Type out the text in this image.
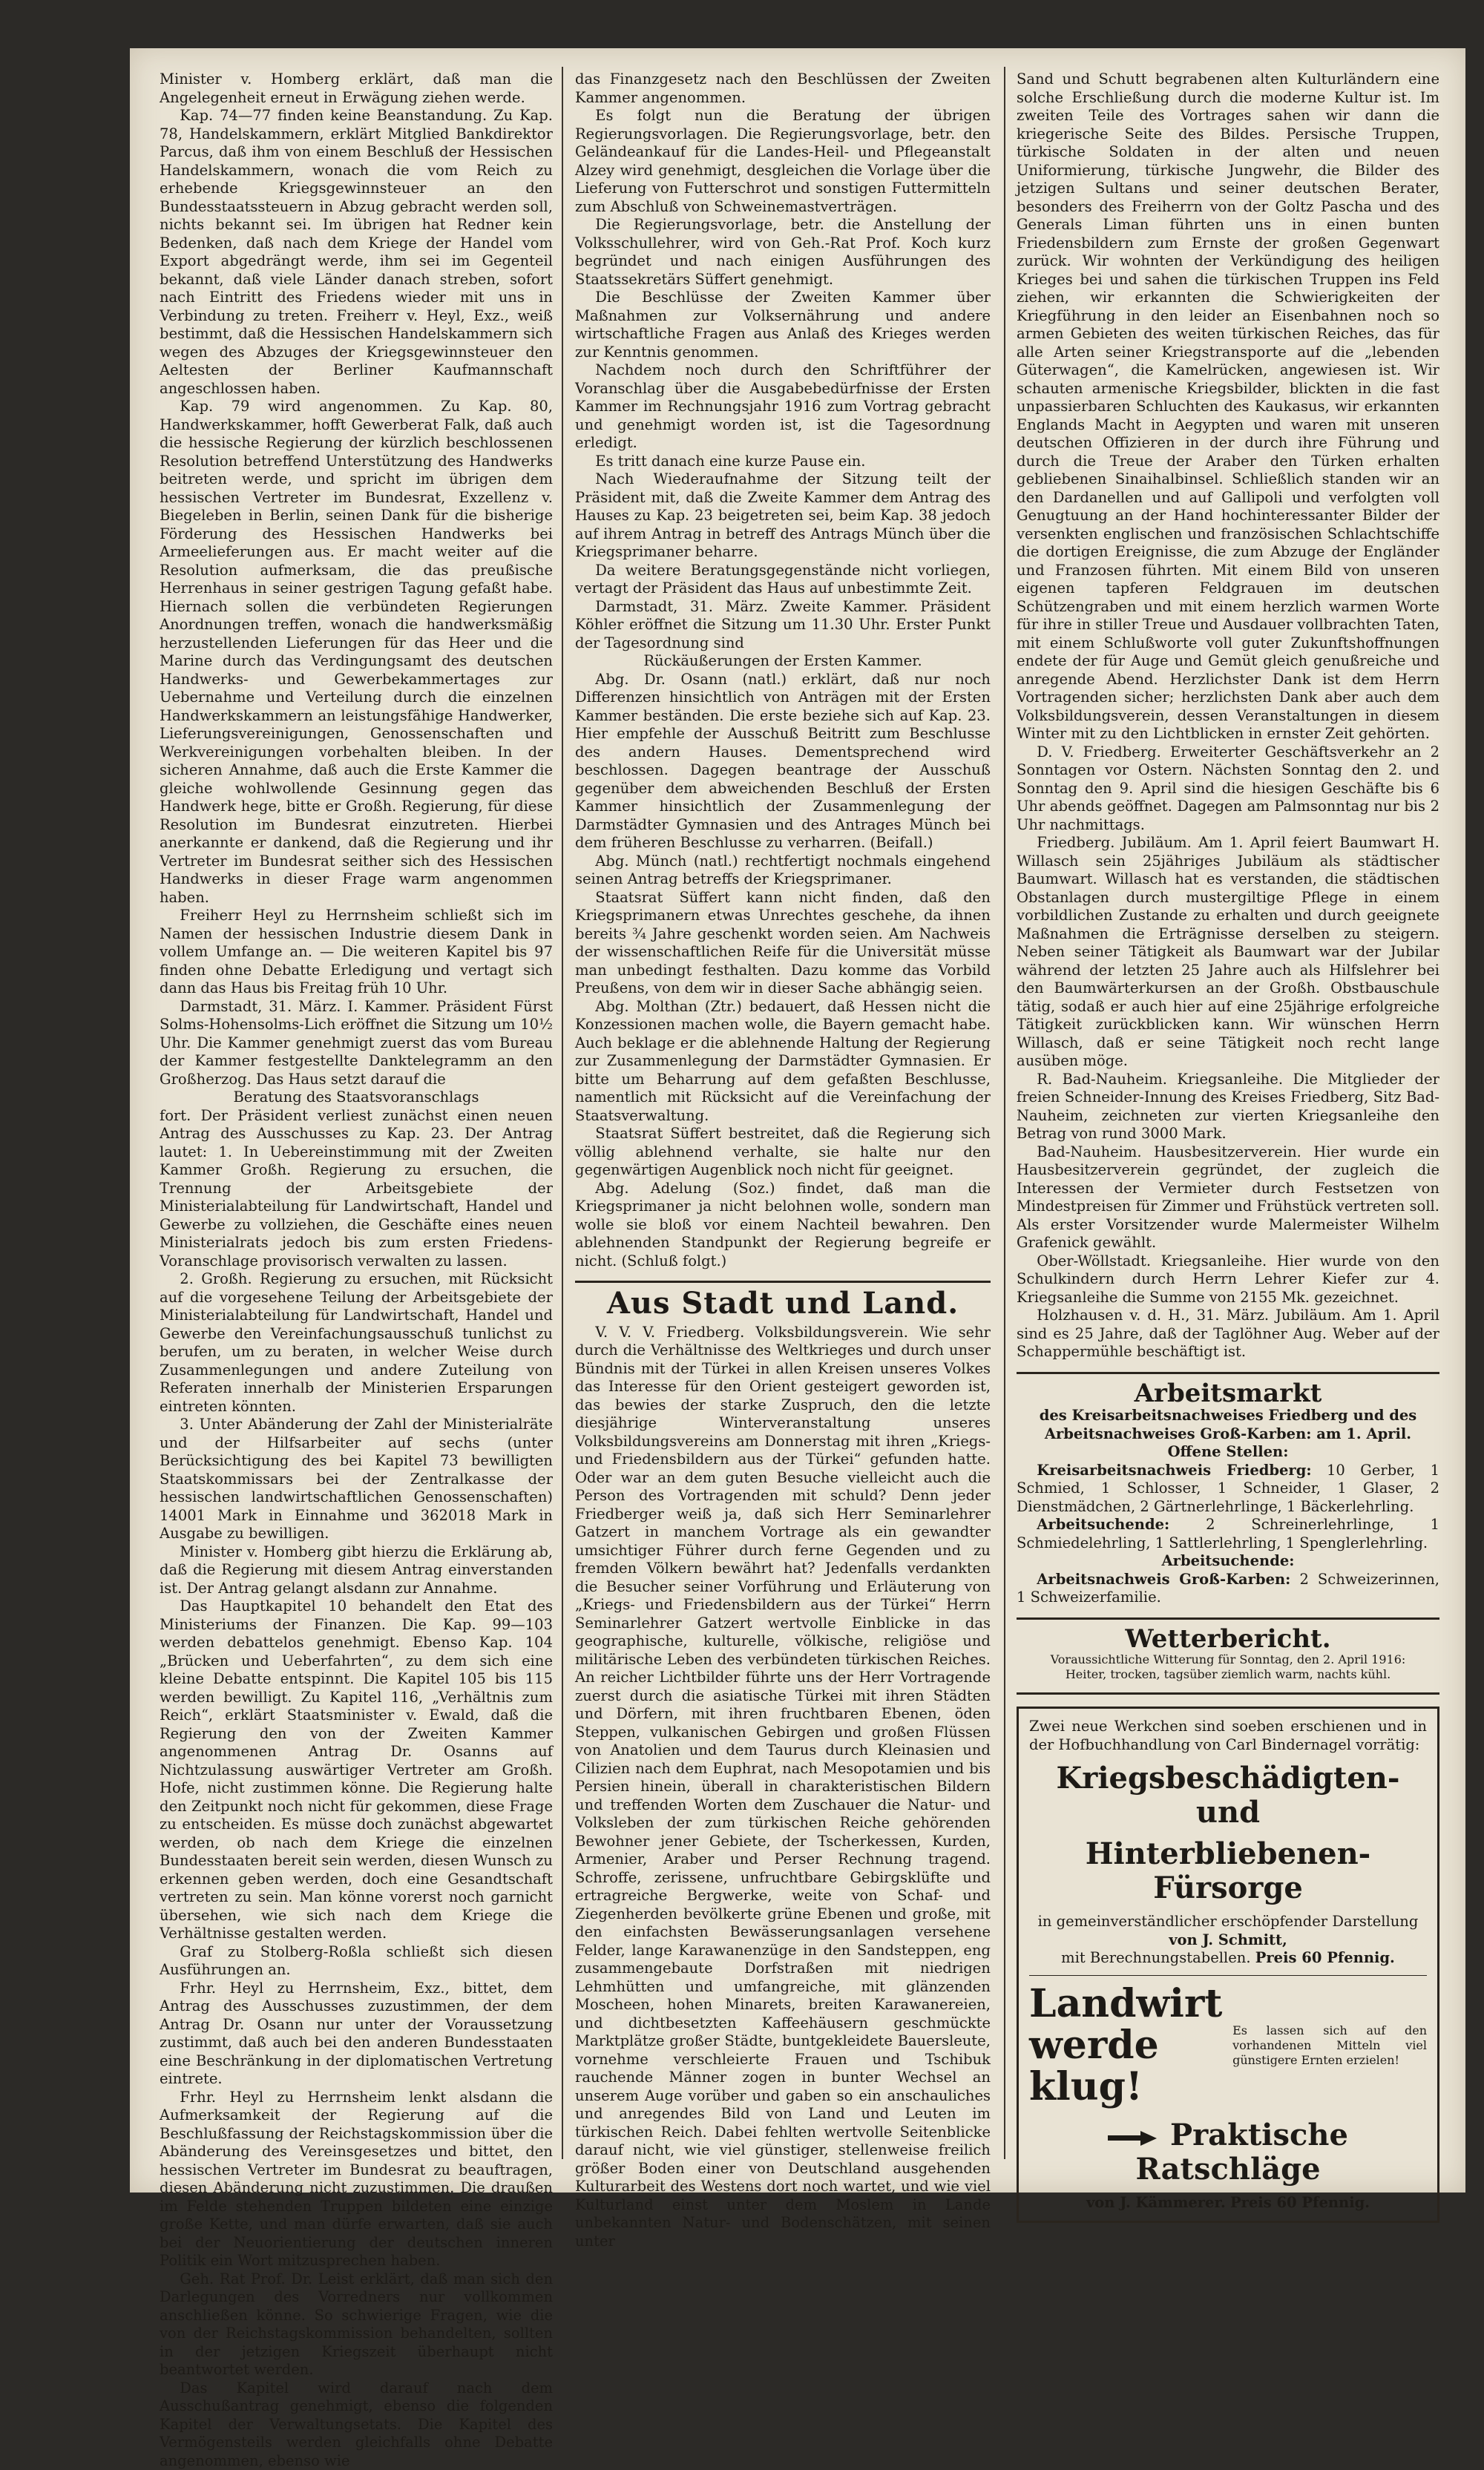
Minister v. Homberg erklärt, daß man die Angelegenheit erneut in Erwägung ziehen werde.

Kap. 74—77 finden keine Beanstandung. Zu Kap. 78, Handelskammern, erklärt Mitglied Bankdirektor Parcus, daß ihm von einem Beschluß der Hessischen Handelskammern, wonach die vom Reich zu erhebende Kriegsgewinnsteuer an den Bundesstaatssteuern in Abzug gebracht werden soll, nichts bekannt sei. Im übrigen hat Redner kein Bedenken, daß nach dem Kriege der Handel vom Export abgedrängt werde, ihm sei im Gegenteil bekannt, daß viele Länder danach streben, sofort nach Eintritt des Friedens wieder mit uns in Verbindung zu treten. Freiherr v. Heyl, Exz., weiß bestimmt, daß die Hessischen Handelskammern sich wegen des Abzuges der Kriegsgewinnsteuer den Aeltesten der Berliner Kaufmannschaft angeschlossen haben.

Kap. 79 wird angenommen. Zu Kap. 80, Handwerkskammer, hofft Gewerberat Falk, daß auch die hessische Regierung der kürzlich beschlossenen Resolution betreffend Unterstützung des Handwerks beitreten werde, und spricht im übrigen dem hessischen Vertreter im Bundesrat, Exzellenz v. Biegeleben in Berlin, seinen Dank für die bisherige Förderung des Hessischen Handwerks bei Armeelieferungen aus. Er macht weiter auf die Resolution aufmerksam, die das preußische Herrenhaus in seiner gestrigen Tagung gefaßt habe. Hiernach sollen die verbündeten Regierungen Anordnungen treffen, wonach die handwerksmäßig herzustellenden Lieferungen für das Heer und die Marine durch das Verdingungsamt des deutschen Handwerks- und Gewerbekammertages zur Uebernahme und Verteilung durch die einzelnen Handwerkskammern an leistungsfähige Handwerker, Lieferungsvereinigungen, Genossenschaften und Werkvereinigungen vorbehalten bleiben. In der sicheren Annahme, daß auch die Erste Kammer die gleiche wohlwollende Gesinnung gegen das Handwerk hege, bitte er Großh. Regierung, für diese Resolution im Bundesrat einzutreten. Hierbei anerkannte er dankend, daß die Regierung und ihr Vertreter im Bundesrat seither sich des Hessischen Handwerks in dieser Frage warm angenommen haben.

Freiherr Heyl zu Herrnsheim schließt sich im Namen der hessischen Industrie diesem Dank in vollem Umfange an. — Die weiteren Kapitel bis 97 finden ohne Debatte Erledigung und vertagt sich dann das Haus bis Freitag früh 10 Uhr.

Darmstadt, 31. März. I. Kammer. Präsident Fürst Solms-Hohensolms-Lich eröffnet die Sitzung um 10½ Uhr. Die Kammer genehmigt zuerst das vom Bureau der Kammer festgestellte Danktelegramm an den Großherzog. Das Haus setzt darauf die

Beratung des Staatsvoranschlags

fort. Der Präsident verliest zunächst einen neuen Antrag des Ausschusses zu Kap. 23. Der Antrag lautet: 1. In Uebereinstimmung mit der Zweiten Kammer Großh. Regierung zu ersuchen, die Trennung der Arbeitsgebiete der Ministerialabteilung für Landwirtschaft, Handel und Gewerbe zu vollziehen, die Geschäfte eines neuen Ministerialrats jedoch bis zum ersten Friedens-Voranschlage provisorisch verwalten zu lassen.

2. Großh. Regierung zu ersuchen, mit Rücksicht auf die vorgesehene Teilung der Arbeitsgebiete der Ministerialabteilung für Landwirtschaft, Handel und Gewerbe den Vereinfachungsausschuß tunlichst zu berufen, um zu beraten, in welcher Weise durch Zusammenlegungen und andere Zuteilung von Referaten innerhalb der Ministerien Ersparungen eintreten könnten.

3. Unter Abänderung der Zahl der Ministerialräte und der Hilfsarbeiter auf sechs (unter Berücksichtigung des bei Kapitel 73 bewilligten Staatskommissars bei der Zentralkasse der hessischen landwirtschaftlichen Genossenschaften) 14001 Mark in Einnahme und 362018 Mark in Ausgabe zu bewilligen.

Minister v. Homberg gibt hierzu die Erklärung ab, daß die Regierung mit diesem Antrag einverstanden ist. Der Antrag gelangt alsdann zur Annahme.

Das Hauptkapitel 10 behandelt den Etat des Ministeriums der Finanzen. Die Kap. 99—103 werden debattelos genehmigt. Ebenso Kap. 104 „Brücken und Ueberfahrten“, zu dem sich eine kleine Debatte entspinnt. Die Kapitel 105 bis 115 werden bewilligt. Zu Kapitel 116, „Verhältnis zum Reich“, erklärt Staatsminister v. Ewald, daß die Regierung den von der Zweiten Kammer angenommenen Antrag Dr. Osanns auf Nichtzulassung auswärtiger Vertreter am Großh. Hofe, nicht zustimmen könne. Die Regierung halte den Zeitpunkt noch nicht für gekommen, diese Frage zu entscheiden. Es müsse doch zunächst abgewartet werden, ob nach dem Kriege die einzelnen Bundesstaaten bereit sein werden, diesen Wunsch zu erkennen geben werden, doch eine Gesandtschaft vertreten zu sein. Man könne vorerst noch garnicht übersehen, wie sich nach dem Kriege die Verhältnisse gestalten werden.

Graf zu Stolberg-Roßla schließt sich diesen Ausführungen an.

Frhr. Heyl zu Herrnsheim, Exz., bittet, dem Antrag des Ausschusses zuzustimmen, der dem Antrag Dr. Osann nur unter der Voraussetzung zustimmt, daß auch bei den anderen Bundesstaaten eine Beschränkung in der diplomatischen Vertretung eintrete.

Frhr. Heyl zu Herrnsheim lenkt alsdann die Aufmerksamkeit der Regierung auf die Beschlußfassung der Reichstagskommission über die Abänderung des Vereinsgesetzes und bittet, den hessischen Vertreter im Bundesrat zu beauftragen, diesen Abänderung nicht zuzustimmen. Die draußen im Felde stehenden Truppen bildeten eine einzige große Kette, und man dürfe erwarten, daß sie auch bei der Neuorientierung der deutschen inneren Politik ein Wort mitzusprechen haben.

Geh. Rat Prof. Dr. Leist erklärt, daß man sich den Darlegungen des Vorredners nur vollkommen anschließen könne. So schwierige Fragen, wie die von der Reichstagskommission behandelten, sollten in der jetzigen Kriegszeit überhaupt nicht beantwortet werden.

Das Kapitel wird darauf nach dem Ausschußantrag genehmigt, ebenso die folgenden Kapitel der Verwaltungsetats. Die Kapitel des Vermögensteils werden gleichfalls ohne Debatte angenommen, ebenso wie

das Finanzgesetz nach den Beschlüssen der Zweiten Kammer angenommen.

Es folgt nun die Beratung der übrigen Regierungsvorlagen. Die Regierungsvorlage, betr. den Geländeankauf für die Landes-Heil- und Pflegeanstalt Alzey wird genehmigt, desgleichen die Vorlage über die Lieferung von Futterschrot und sonstigen Futtermitteln zum Abschluß von Schweinemastverträgen.

Die Regierungsvorlage, betr. die Anstellung der Volksschullehrer, wird von Geh.-Rat Prof. Koch kurz begründet und nach einigen Ausführungen des Staatssekretärs Süffert genehmigt.

Die Beschlüsse der Zweiten Kammer über Maßnahmen zur Volksernährung und andere wirtschaftliche Fragen aus Anlaß des Krieges werden zur Kenntnis genommen.

Nachdem noch durch den Schriftführer der Voranschlag über die Ausgabebedürfnisse der Ersten Kammer im Rechnungsjahr 1916 zum Vortrag gebracht und genehmigt worden ist, ist die Tagesordnung erledigt.

Es tritt danach eine kurze Pause ein.

Nach Wiederaufnahme der Sitzung teilt der Präsident mit, daß die Zweite Kammer dem Antrag des Hauses zu Kap. 23 beigetreten sei, beim Kap. 38 jedoch auf ihrem Antrag in betreff des Antrags Münch über die Kriegsprimaner beharre.

Da weitere Beratungsgegenstände nicht vorliegen, vertagt der Präsident das Haus auf unbestimmte Zeit.

Darmstadt, 31. März. Zweite Kammer. Präsident Köhler eröffnet die Sitzung um 11.30 Uhr. Erster Punkt der Tagesordnung sind

Rückäußerungen der Ersten Kammer.

Abg. Dr. Osann (natl.) erklärt, daß nur noch Differenzen hinsichtlich von Anträgen mit der Ersten Kammer beständen. Die erste beziehe sich auf Kap. 23. Hier empfehle der Ausschuß Beitritt zum Beschlusse des andern Hauses. Dementsprechend wird beschlossen. Dagegen beantrage der Ausschuß gegenüber dem abweichenden Beschluß der Ersten Kammer hinsichtlich der Zusammenlegung der Darmstädter Gymnasien und des Antrages Münch bei dem früheren Beschlusse zu verharren. (Beifall.)

Abg. Münch (natl.) rechtfertigt nochmals eingehend seinen Antrag betreffs der Kriegsprimaner.

Staatsrat Süffert kann nicht finden, daß den Kriegsprimanern etwas Unrechtes geschehe, da ihnen bereits ¾ Jahre geschenkt worden seien. Am Nachweis der wissenschaftlichen Reife für die Universität müsse man unbedingt festhalten. Dazu komme das Vorbild Preußens, von dem wir in dieser Sache abhängig seien.

Abg. Molthan (Ztr.) bedauert, daß Hessen nicht die Konzessionen machen wolle, die Bayern gemacht habe. Auch beklage er die ablehnende Haltung der Regierung zur Zusammenlegung der Darmstädter Gymnasien. Er bitte um Beharrung auf dem gefaßten Beschlusse, namentlich mit Rücksicht auf die Vereinfachung der Staatsverwaltung.

Staatsrat Süffert bestreitet, daß die Regierung sich völlig ablehnend verhalte, sie halte nur den gegenwärtigen Augenblick noch nicht für geeignet.

Abg. Adelung (Soz.) findet, daß man die Kriegsprimaner ja nicht belohnen wolle, sondern man wolle sie bloß vor einem Nachteil bewahren. Den ablehnenden Standpunkt der Regierung begreife er nicht. (Schluß folgt.)

Aus Stadt und Land.

V. V. V. Friedberg. Volksbildungsverein. Wie sehr durch die Verhältnisse des Weltkrieges und durch unser Bündnis mit der Türkei in allen Kreisen unseres Volkes das Interesse für den Orient gesteigert geworden ist, das bewies der starke Zuspruch, den die letzte diesjährige Winterveranstaltung unseres Volksbildungsvereins am Donnerstag mit ihren „Kriegs- und Friedensbildern aus der Türkei“ gefunden hatte. Oder war an dem guten Besuche vielleicht auch die Person des Vortragenden mit schuld? Denn jeder Friedberger weiß ja, daß sich Herr Seminarlehrer Gatzert in manchem Vortrage als ein gewandter umsichtiger Führer durch ferne Gegenden und zu fremden Völkern bewährt hat? Jedenfalls verdankten die Besucher seiner Vorführung und Erläuterung von „Kriegs- und Friedensbildern aus der Türkei“ Herrn Seminarlehrer Gatzert wertvolle Einblicke in das geographische, kulturelle, völkische, religiöse und militärische Leben des verbündeten türkischen Reiches. An reicher Lichtbilder führte uns der Herr Vortragende zuerst durch die asiatische Türkei mit ihren Städten und Dörfern, mit ihren fruchtbaren Ebenen, öden Steppen, vulkanischen Gebirgen und großen Flüssen von Anatolien und dem Taurus durch Kleinasien und Cilizien nach dem Euphrat, nach Mesopotamien und bis Persien hinein, überall in charakteristischen Bildern und treffenden Worten dem Zuschauer die Natur- und Volksleben der zum türkischen Reiche gehörenden Bewohner jener Gebiete, der Tscherkessen, Kurden, Armenier, Araber und Perser Rechnung tragend. Schroffe, zerissene, unfruchtbare Gebirgsklüfte und ertragreiche Bergwerke, weite von Schaf- und Ziegenherden bevölkerte grüne Ebenen und große, mit den einfachsten Bewässerungsanlagen versehene Felder, lange Karawanenzüge in den Sandsteppen, eng zusammengebaute Dorfstraßen mit niedrigen Lehmhütten und umfangreiche, mit glänzenden Moscheen, hohen Minarets, breiten Karawanereien, und dichtbesetzten Kaffeehäusern geschmückte Marktplätze großer Städte, buntgekleidete Bauersleute, vornehme verschleierte Frauen und Tschibuk rauchende Männer zogen in bunter Wechsel an unserem Auge vorüber und gaben so ein anschauliches und anregendes Bild von Land und Leuten im türkischen Reich. Dabei fehlten wertvolle Seitenblicke darauf nicht, wie viel günstiger, stellenweise freilich größer Boden einer von Deutschland ausgehenden Kulturarbeit des Westens dort noch wartet, und wie viel Kulturland einst unter dem Moslem in Lande unbekannten Natur- und Bodenschätzen, mit seinen unter

Sand und Schutt begrabenen alten Kulturländern eine solche Erschließung durch die moderne Kultur ist. Im zweiten Teile des Vortrages sahen wir dann die kriegerische Seite des Bildes. Persische Truppen, türkische Soldaten in der alten und neuen Uniformierung, türkische Jungwehr, die Bilder des jetzigen Sultans und seiner deutschen Berater, besonders des Freiherrn von der Goltz Pascha und des Generals Liman führten uns in einen bunten Friedensbildern zum Ernste der großen Gegenwart zurück. Wir wohnten der Verkündigung des heiligen Krieges bei und sahen die türkischen Truppen ins Feld ziehen, wir erkannten die Schwierigkeiten der Kriegführung in den leider an Eisenbahnen noch so armen Gebieten des weiten türkischen Reiches, das für alle Arten seiner Kriegstransporte auf die „lebenden Güterwagen“, die Kamelrücken, angewiesen ist. Wir schauten armenische Kriegsbilder, blickten in die fast unpassierbaren Schluchten des Kaukasus, wir erkannten Englands Macht in Aegypten und waren mit unseren deutschen Offizieren in der durch ihre Führung und durch die Treue der Araber den Türken erhalten gebliebenen Sinaihalbinsel. Schließlich standen wir an den Dardanellen und auf Gallipoli und verfolgten voll Genugtuung an der Hand hochinteressanter Bilder der versenkten englischen und französischen Schlachtschiffe die dortigen Ereignisse, die zum Abzuge der Engländer und Franzosen führten. Mit einem Bild von unseren eigenen tapferen Feldgrauen im deutschen Schützengraben und mit einem herzlich warmen Worte für ihre in stiller Treue und Ausdauer vollbrachten Taten, mit einem Schlußworte voll guter Zukunftshoffnungen endete der für Auge und Gemüt gleich genußreiche und anregende Abend. Herzlichster Dank ist dem Herrn Vortragenden sicher; herzlichsten Dank aber auch dem Volksbildungsverein, dessen Veranstaltungen in diesem Winter mit zu den Lichtblicken in ernster Zeit gehörten.

D. V. Friedberg. Erweiterter Geschäftsverkehr an 2 Sonntagen vor Ostern. Nächsten Sonntag den 2. und Sonntag den 9. April sind die hiesigen Geschäfte bis 6 Uhr abends geöffnet. Dagegen am Palmsonntag nur bis 2 Uhr nachmittags.

Friedberg. Jubiläum. Am 1. April feiert Baumwart H. Willasch sein 25jähriges Jubiläum als städtischer Baumwart. Willasch hat es verstanden, die städtischen Obstanlagen durch mustergiltige Pflege in einem vorbildlichen Zustande zu erhalten und durch geeignete Maßnahmen die Erträgnisse derselben zu steigern. Neben seiner Tätigkeit als Baumwart war der Jubilar während der letzten 25 Jahre auch als Hilfslehrer bei den Baumwärterkursen an der Großh. Obstbauschule tätig, sodaß er auch hier auf eine 25jährige erfolgreiche Tätigkeit zurückblicken kann. Wir wünschen Herrn Willasch, daß er seine Tätigkeit noch recht lange ausüben möge.

R. Bad-Nauheim. Kriegsanleihe. Die Mitglieder der freien Schneider-Innung des Kreises Friedberg, Sitz Bad-Nauheim, zeichneten zur vierten Kriegsanleihe den Betrag von rund 3000 Mark.

Bad-Nauheim. Hausbesitzerverein. Hier wurde ein Hausbesitzerverein gegründet, der zugleich die Interessen der Vermieter durch Festsetzen von Mindestpreisen für Zimmer und Frühstück vertreten soll. Als erster Vorsitzender wurde Malermeister Wilhelm Grafenick gewählt.

Ober-Wöllstadt. Kriegsanleihe. Hier wurde von den Schulkindern durch Herrn Lehrer Kiefer zur 4. Kriegsanleihe die Summe von 2155 Mk. gezeichnet.

Holzhausen v. d. H., 31. März. Jubiläum. Am 1. April sind es 25 Jahre, daß der Taglöhner Aug. Weber auf der Schappermühle beschäftigt ist.

Arbeitsmarkt

des Kreisarbeitsnachweises Friedberg und des Arbeitsnachweises Groß-Karben: am 1. April.

Offene Stellen:

Kreisarbeitsnachweis Friedberg: 10 Gerber, 1 Schmied, 1 Schlosser, 1 Schneider, 1 Glaser, 2 Dienstmädchen, 2 Gärtnerlehrlinge, 1 Bäckerlehrling.

Arbeitsuchende:	2 Schreinerlehrlinge, 1 Schmiedelehrling, 1 Sattlerlehrling, 1 Spenglerlehrling.

Arbeitsuchende:

Arbeitsnachweis Groß-Karben: 2 Schweizerinnen, 1 Schweizerfamilie.

Wetterbericht.

Voraussichtliche Witterung für Sonntag, den 2. April 1916:

Heiter, trocken, tagsüber ziemlich warm, nachts kühl.

Zwei neue Werkchen sind soeben erschienen und in der Hofbuchhandlung von Carl Bindernagel vorrätig:

Kriegsbeschädigten- und
Hinterbliebenen-Fürsorge

in gemeinverständlicher erschöpfender Darstellung

von J. Schmitt,

mit Berechnungstabellen. Preis 60 Pfennig.

Landwirt werde klug!
Es lassen sich auf den vorhandenen Mitteln viel günstigere Ernten erzielen!
Praktische Ratschläge

von J. Kämmerer. Preis 60 Pfennig.
